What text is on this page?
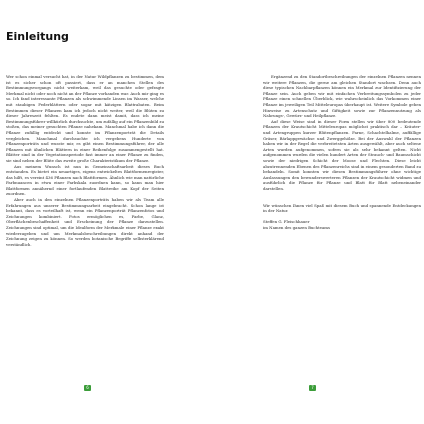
Einleitung

Wer schon einmal versucht hat, in der Natur Wildpflanzen zu bestimmen, dem ist es sicher schon oft passiert, dass er an manchen Stellen des Bestimmungsvorgangs nicht weiterkam, weil das gesuchte oder gefragte Merkmal nicht oder noch nicht an der Pflanze vorhanden war. Auch mir ging es so. Ich fand interessante Pflanzen als schwimmende Linsen im Wasser, welche mit staubigen Federblättern oder sogar mit kätzigen Blattrabaten. Beim Bestimmen dieser Pflanzen kam ich jedoch nicht weiter, weil die Blüten zu dieser Jahreszeit fehlten. Es endete dann meist damit, dass ich meine Bestimmungsführer willkürlich durchsuchte, um zufällig auf ein Pflanzenbild zu stoßen, das meiner gesuchten Pflanze nahekam. Manchmal habe ich dann die Pflanze zufällig entdeckt und konnte im Pflanzenporträt die Details vergleichen. Manchmal durchsuchte ich vergebens Hunderte von Pflanzenporträts und wusste mir, es gibt einen Bestimmungsführer, der alle Pflanzen mit ähnlichen Blättern in einer Reihenfolge zusammengestellt hat. Blätter sind in der Vegetationsperiode fast immer an einer Pflanze zu finden, sie sind neben der Blüte das zweite große Charakteristikum der Pflanze.

Aus meinem Wunsch ist nun in Gemeinschaftsarbeit dieses Buch entstanden. Es bietet ein neuartiges, eigens entwickeltes Blattformenregister, das hilft, es vereint 436 Pflanzen nach Blattformen. Ähnlich wie man natürliche Farbnuancen in etwa einer Farbskala zuordnen kann, so kann man hier Blattformen annähernd einer fortlaufenden Blattreihe am Kopf der Seiten zuordnen.

Aber auch in den einzelnen Pflanzenporträts haben wir als Team alle Erfahrungen aus unserer Bestimmungsarbeit eingebracht. Schon lange ist bekannt, dass es vorteilhaft ist, wenn ein Pflanzenporträt Pflanzenfotos und Zeichnungen kombiniert. Fotos ermöglichen es, Farbe, Glanz, Oberflächenbeschaffenheit und Erscheinung der Pflanze darzustellen. Zeichnungen sind optimal, um die Idealform der Merkmale einer Pflanze exakt wiederzugeben und um Merkmalsbeschreibungen direkt anhand der Zeichnung zeigen zu können. So werden botanische Begriffe selbsterklärend verständlich.

Ergänzend zu den Standortbeschreibungen der einzelnen Pflanzen nennen wir weitere Pflanzen, die gerne am gleichen Standort wachsen. Denn auch diese typischen Nachbarpflanzen können ein Merkmal zur Identifizierung der Pflanze sein. Auch geben wir mit einfachen Verbreitungssymbolen zu jeder Pflanze einen schnellen Überblick, wie wahrscheinlich das Vorkommen einer Pflanze im jeweiligen Teil Mitteleuropas überhaupt ist. Weitere Symbole geben Hinweise zu Artenschutz und Giftigkeit sowie zur Pflanzennutzung als Nahrungs-, Gewürz- und Heilpflanze.

Auf diese Weise sind in dieser Form stellen wir über 800 bedeutende Pflanzen der Krautschicht Mitteleuropas möglichst praktisch dar – Kräuter- und Artengruppen kurzer Blütenpflanzen. Farne, Schachtelhalme, auffällige Gräser, Bärlappgewächse und Zwerggehölze. Bei der Auswahl der Pflanzen haben wir in der Regel die verbreitetsten Arten ausgewählt, aber auch seltene Arten wurden aufgenommen, sofern sie als sehr bekannt gelten. Nicht aufgenommen wurden die vielen hundert Arten der Strauch- und Baumschicht sowie der niedrigen Schicht der Moose und Flechten. Diese leicht abzutrennenden Ebenen des Pflanzenreichs sind in einem gesonderten Band zu behandeln. Somit konnten wir diesen Bestimmungsführer ohne wichtige Auslassungen den bewunderswerteren Pflanzen der Krautschicht widmen und ausführlich die Pflanze für Pflanze und Blatt für Blatt nebeneinander darstellen.

Wir wünschen Ihnen viel Spaß mit diesem Buch und spannende Entdeckungen in der Natur.

Steffen G. Fleischhauer

im Namen des ganzen Buchteams

6	7
